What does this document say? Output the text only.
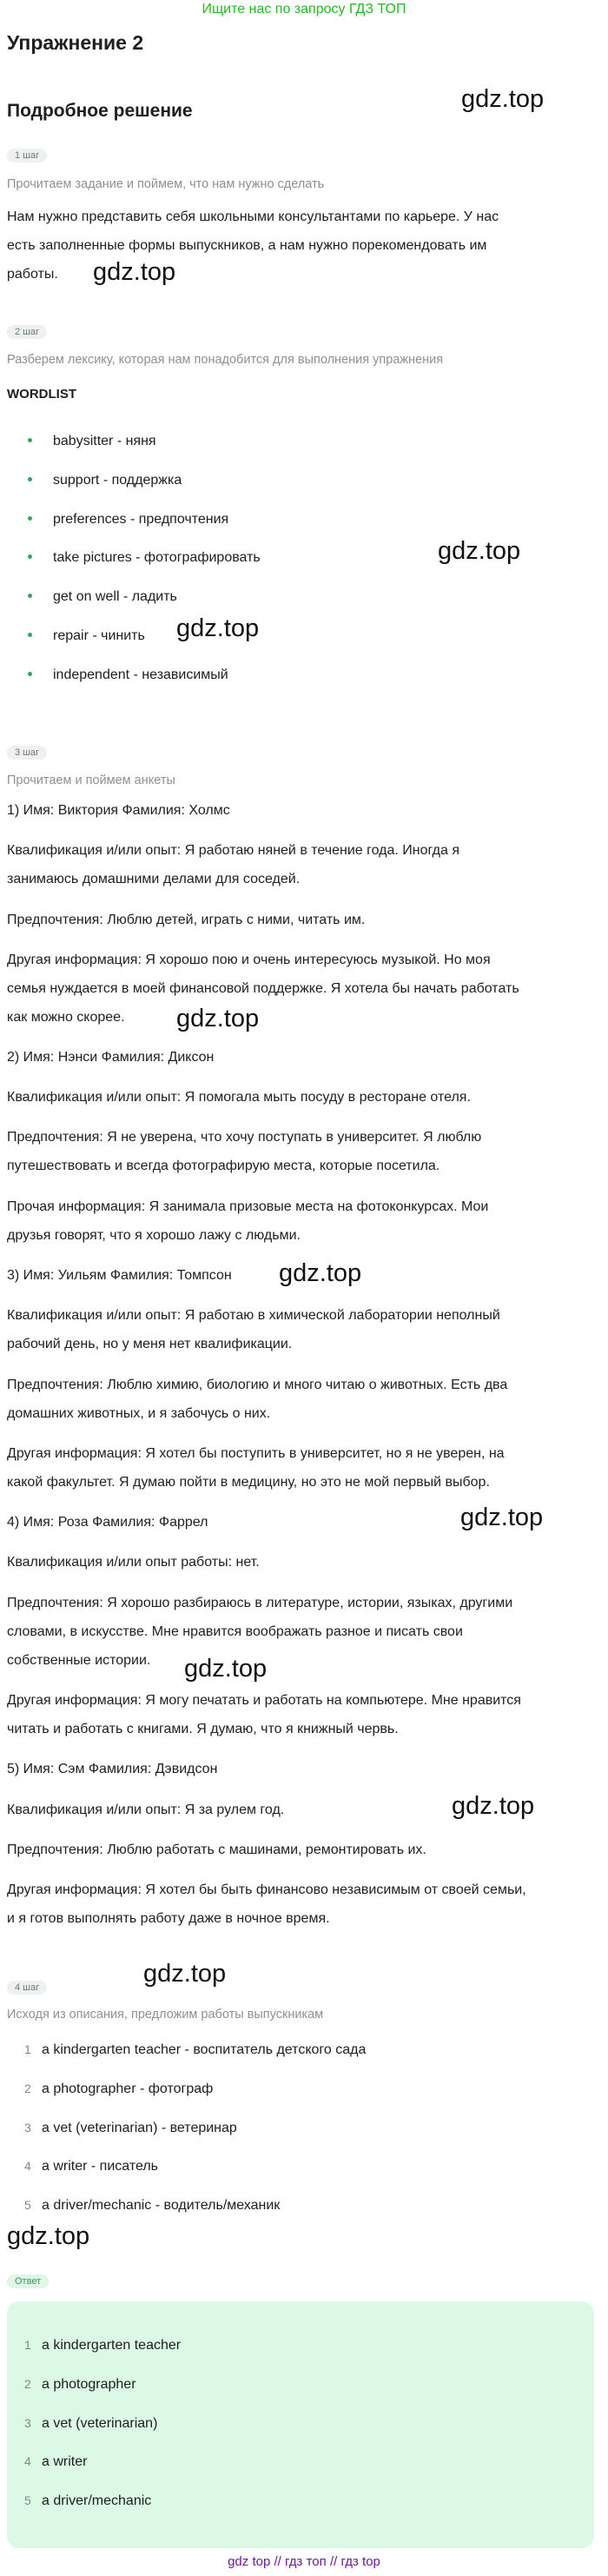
Ищите нас по запросу ГДЗ ТОП
Упражнение 2
Подробное решение	gdz.top
gdz.top
gdz.top
gdz.top
gdz.top
gdz.top
gdz.top
gdz.top
gdz.top
gdz.top
gdz.top
1 шаг
Прочитаем задание и поймем, что нам нужно сделать
Нам нужно представить себя школьными консультантами по карьере. У нас
есть заполненные формы выпускников, а нам нужно порекомендовать им
работы.
2 шаг
Разберем лексику, которая нам понадобится для выполнения упражнения
WORDLIST
babysitter - няня
support - поддержка
preferences - предпочтения
take pictures - фотографировать
get on well - ладить
repair - чинить
independent - независимый
3 шаг
Прочитаем и поймем анкеты
1) Имя: Виктория Фамилия: Холмс
Квалификация и/или опыт: Я работаю няней в течение года. Иногда я
занимаюсь домашними делами для соседей.
Предпочтения: Люблю детей, играть с ними, читать им.
Другая информация: Я хорошо пою и очень интересуюсь музыкой. Но моя
семья нуждается в моей финансовой поддержке. Я хотела бы начать работать
как можно скорее.
2) Имя: Нэнси Фамилия: Диксон
Квалификация и/или опыт: Я помогала мыть посуду в ресторане отеля.
Предпочтения: Я не уверена, что хочу поступать в университет. Я люблю
путешествовать и всегда фотографирую места, которые посетила.
Прочая информация: Я занимала призовые места на фотоконкурсах. Мои
друзья говорят, что я хорошо лажу с людьми.
3) Имя: Уильям Фамилия: Томпсон
Квалификация и/или опыт: Я работаю в химической лаборатории неполный
рабочий день, но у меня нет квалификации.
Предпочтения: Люблю химию, биологию и много читаю о животных. Есть два
домашних животных, и я забочусь о них.
Другая информация: Я хотел бы поступить в университет, но я не уверен, на
какой факультет. Я думаю пойти в медицину, но это не мой первый выбор.
4) Имя: Роза Фамилия: Фаррел
Квалификация и/или опыт работы: нет.
Предпочтения: Я хорошо разбираюсь в литературе, истории, языках, другими
словами, в искусстве. Мне нравится воображать разное и писать свои
собственные истории.
Другая информация: Я могу печатать и работать на компьютере. Мне нравится
читать и работать с книгами. Я думаю, что я книжный червь.
5) Имя: Сэм Фамилия: Дэвидсон
Квалификация и/или опыт: Я за рулем год.
Предпочтения: Люблю работать с машинами, ремонтировать их.
Другая информация: Я хотел бы быть финансово независимым от своей семьи,
и я готов выполнять работу даже в ночное время.
4 шаг
Исходя из описания, предложим работы выпускникам
1 a kindergarten teacher - воспитатель детского сада
2 a photographer - фотограф
3 a vet (veterinarian) - ветеринар
4 a writer - писатель
5 a driver/mechanic - водитель/механик
Ответ
1 a kindergarten teacher
2 a photographer
3 a vet (veterinarian)
4 a writer
5 a driver/mechanic
gdz top // гдз топ // гдз top
